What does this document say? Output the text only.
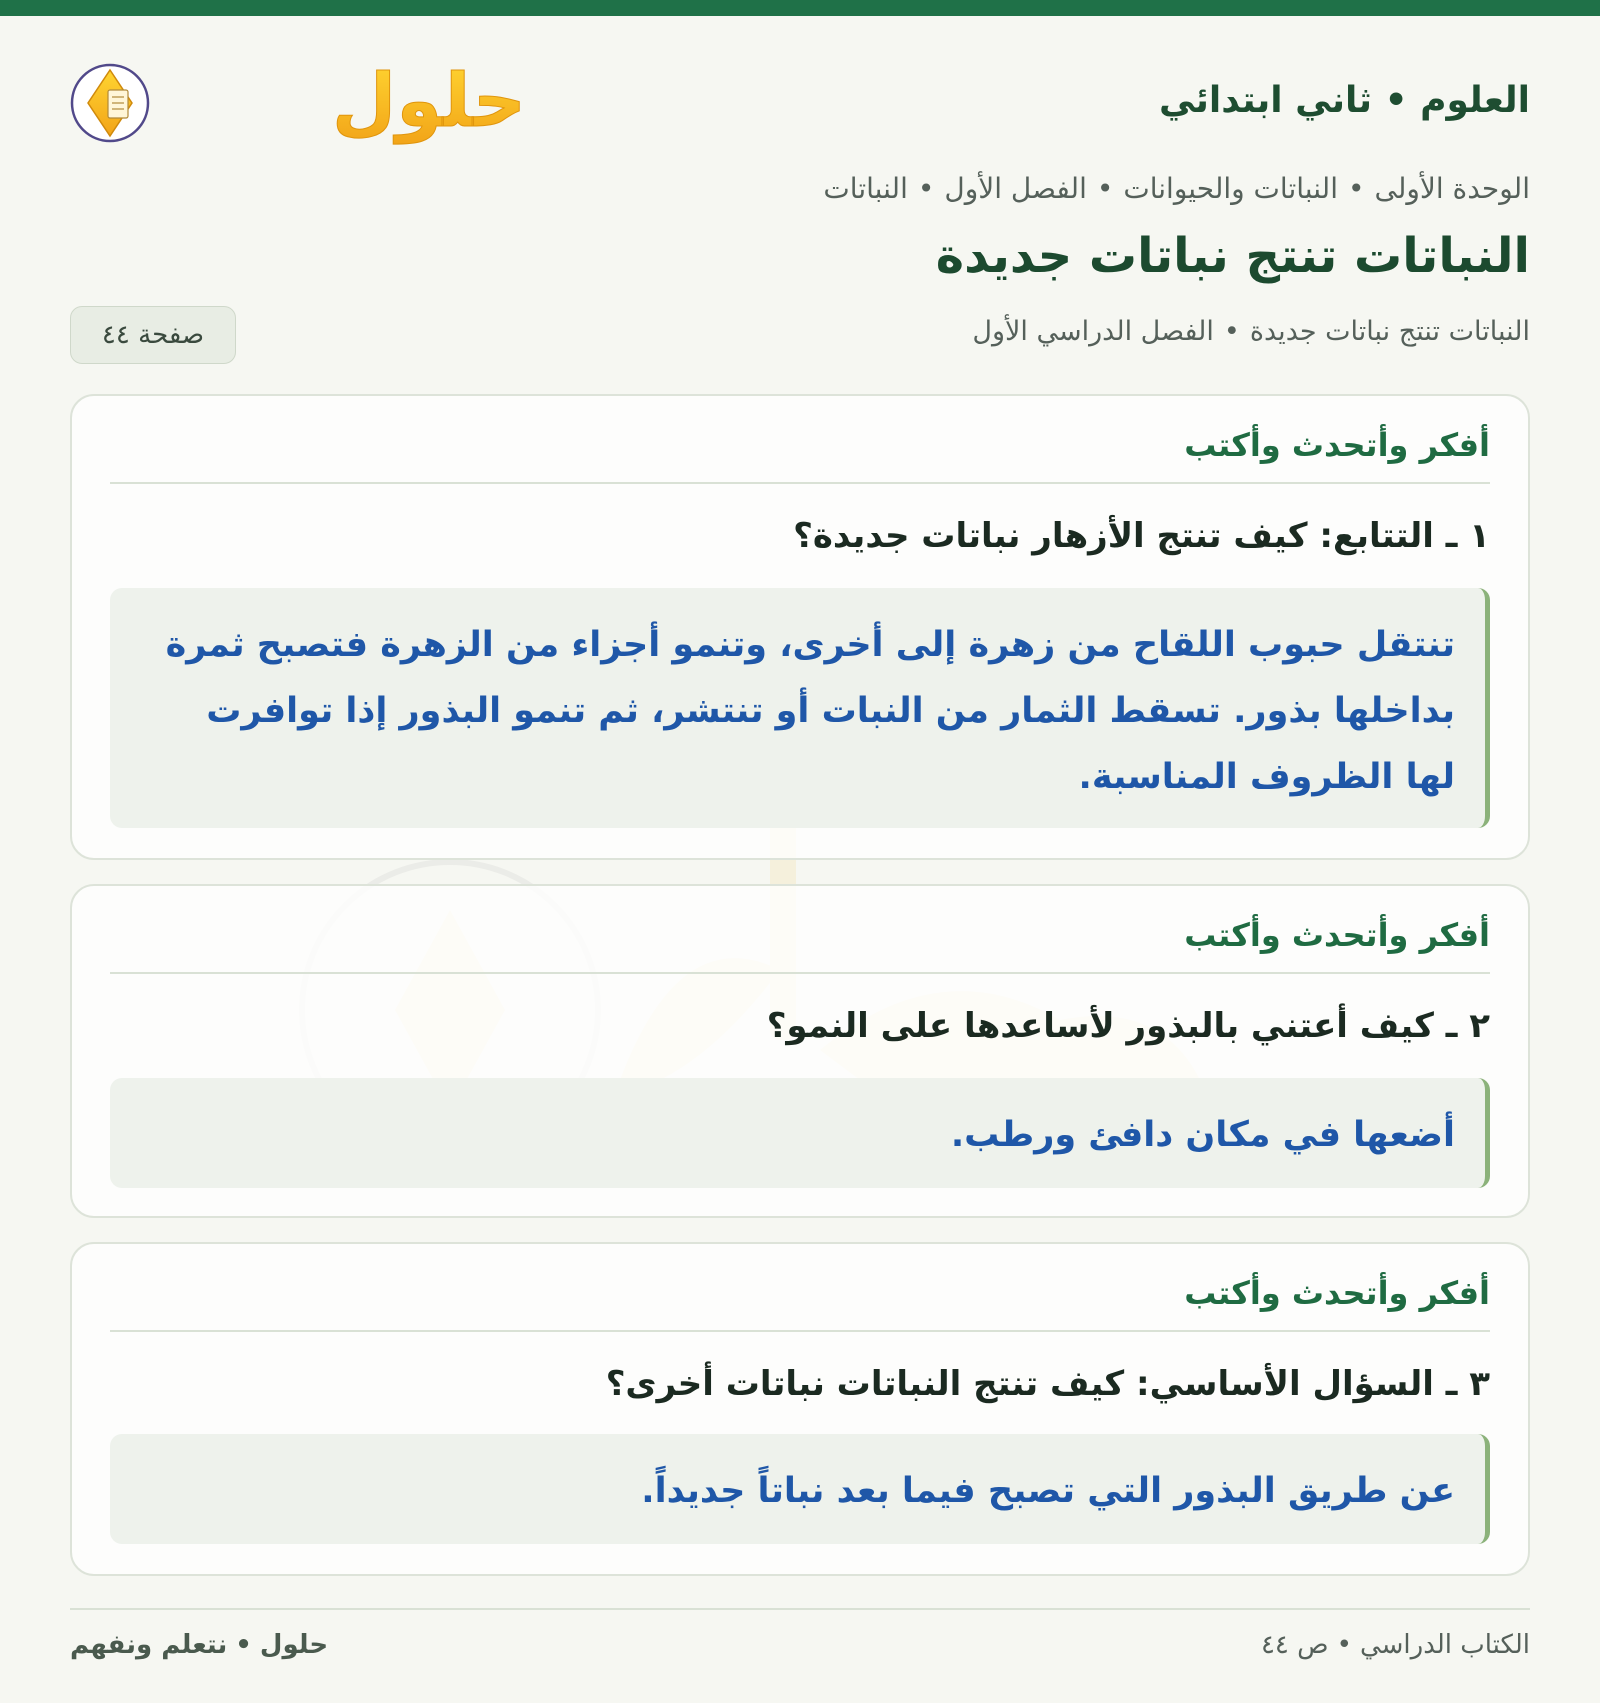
العلوم • ثاني ابتدائي
حلول
الوحدة الأولى•النباتات والحيوانات•الفصل الأول•النباتات
النباتات تنتج نباتات جديدة
النباتات تنتج نباتات جديدة•الفصل الدراسي الأول
صفحة ٤٤
أفكر وأتحدث وأكتب
١ ـ التتابع: كيف تنتج الأزهار نباتات جديدة؟
تنتقل حبوب اللقاح من زهرة إلى أخرى، وتنمو أجزاء من الزهرة فتصبح ثمرة بداخلها بذور. تسقط الثمار من النبات أو تنتشر، ثم تنمو البذور إذا توافرت لها الظروف المناسبة.
أفكر وأتحدث وأكتب
٢ ـ كيف أعتني بالبذور لأساعدها على النمو؟
أضعها في مكان دافئ ورطب.
أفكر وأتحدث وأكتب
٣ ـ السؤال الأساسي: كيف تنتج النباتات نباتات أخرى؟
عن طريق البذور التي تصبح فيما بعد نباتاً جديداً.
الكتاب الدراسي•ص ٤٤
حلول•نتعلم ونفهم
